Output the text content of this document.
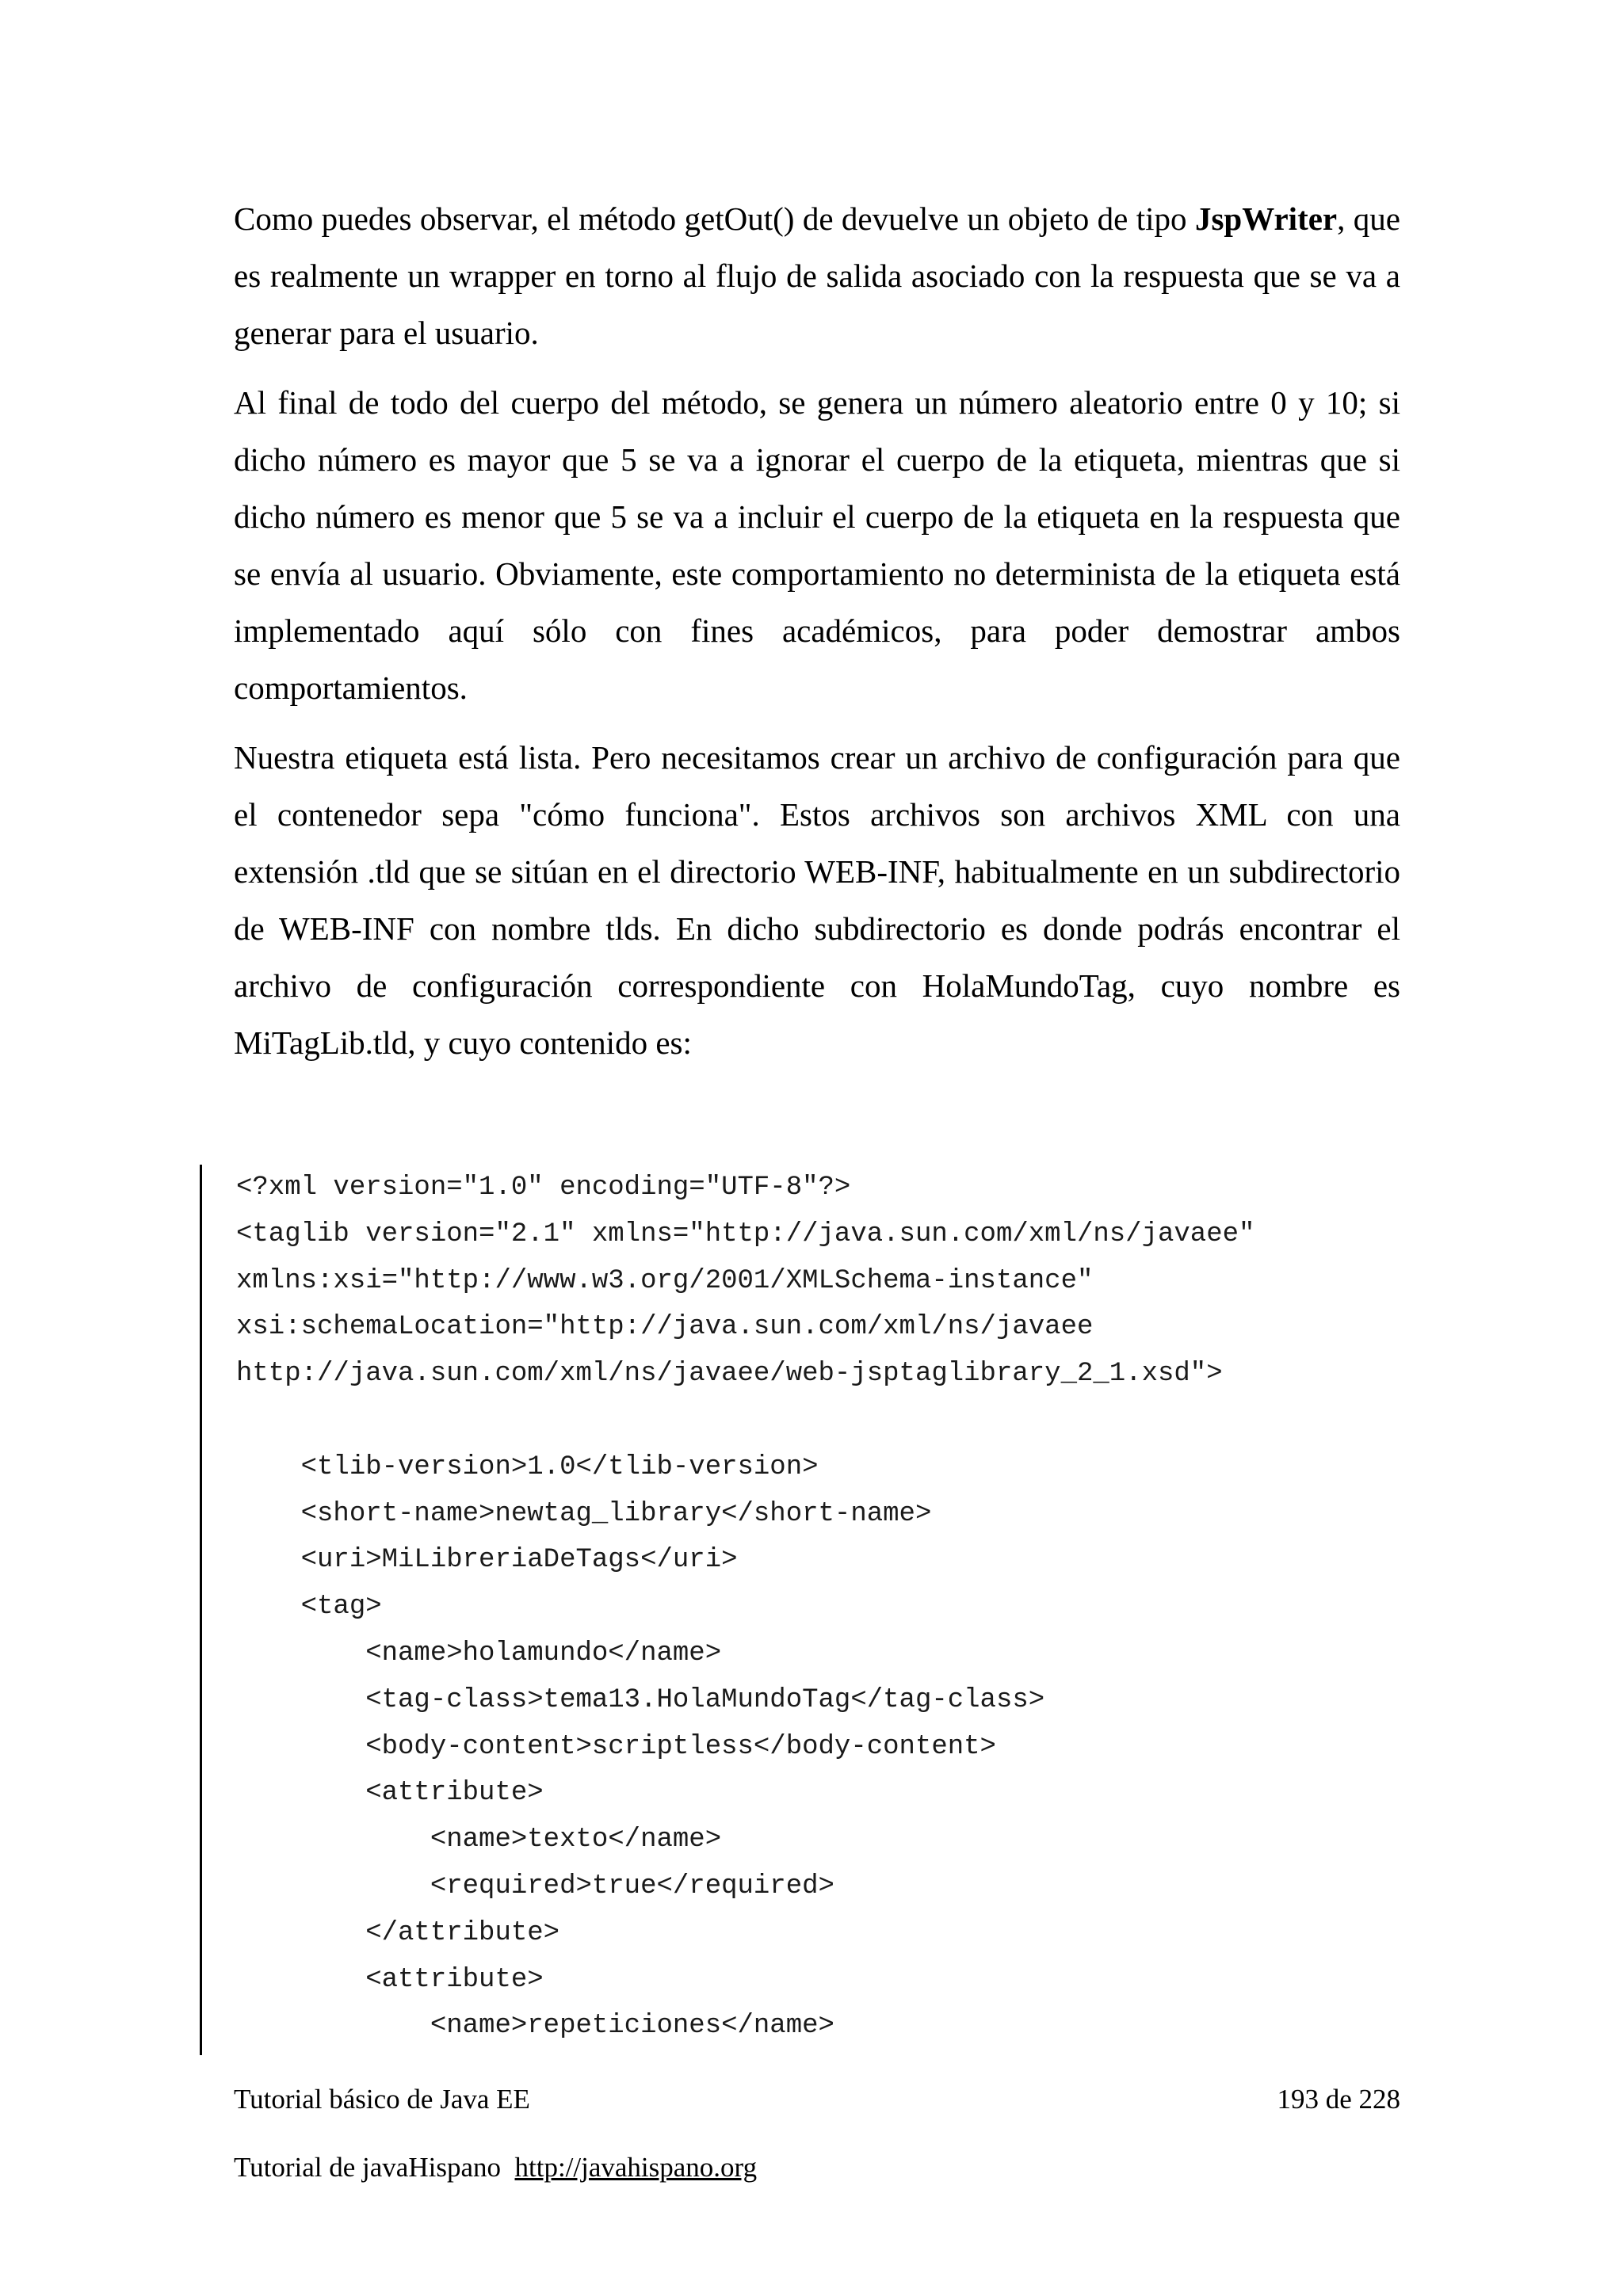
Como puedes observar, el método getOut() de devuelve un objeto de tipo JspWriter, que es realmente un wrapper en torno al flujo de salida asociado con la respuesta que se va a generar para el usuario.

Al final de todo del cuerpo del método, se genera un número aleatorio entre 0 y 10; si dicho número es mayor que 5 se va a ignorar el cuerpo de la etiqueta, mientras que si dicho número es menor que 5 se va a incluir el cuerpo de la etiqueta en la respuesta que se envía al usuario. Obviamente, este comportamiento no determinista de la etiqueta está implementado aquí sólo con fines académicos, para poder demostrar ambos comportamientos.

Nuestra etiqueta está lista. Pero necesitamos crear un archivo de configuración para que el contenedor sepa "cómo funciona". Estos archivos son archivos XML con una extensión .tld que se sitúan en el directorio WEB-INF, habitualmente en un subdirectorio de WEB-INF con nombre tlds. En dicho subdirectorio es donde podrás encontrar el archivo de configuración correspondiente con HolaMundoTag, cuyo nombre es MiTagLib.tld, y cuyo contenido es:

<?xml version="1.0" encoding="UTF-8"?>
<taglib version="2.1" xmlns="http://java.sun.com/xml/ns/javaee"
xmlns:xsi="http://www.w3.org/2001/XMLSchema-instance"
xsi:schemaLocation="http://java.sun.com/xml/ns/javaee
http://java.sun.com/xml/ns/javaee/web-jsptaglibrary_2_1.xsd">
<tlib-version>1.0</tlib-version>
<short-name>newtag_library</short-name>
<uri>MiLibreriaDeTags</uri>
<tag>
<name>holamundo</name>
<tag-class>tema13.HolaMundoTag</tag-class>
<body-content>scriptless</body-content>
<attribute>
<name>texto</name>
<required>true</required>
</attribute>
<attribute>
<name>repeticiones</name>
Tutorial básico de Java EE	193 de 228
Tutorial de javaHispano http://javahispano.org
